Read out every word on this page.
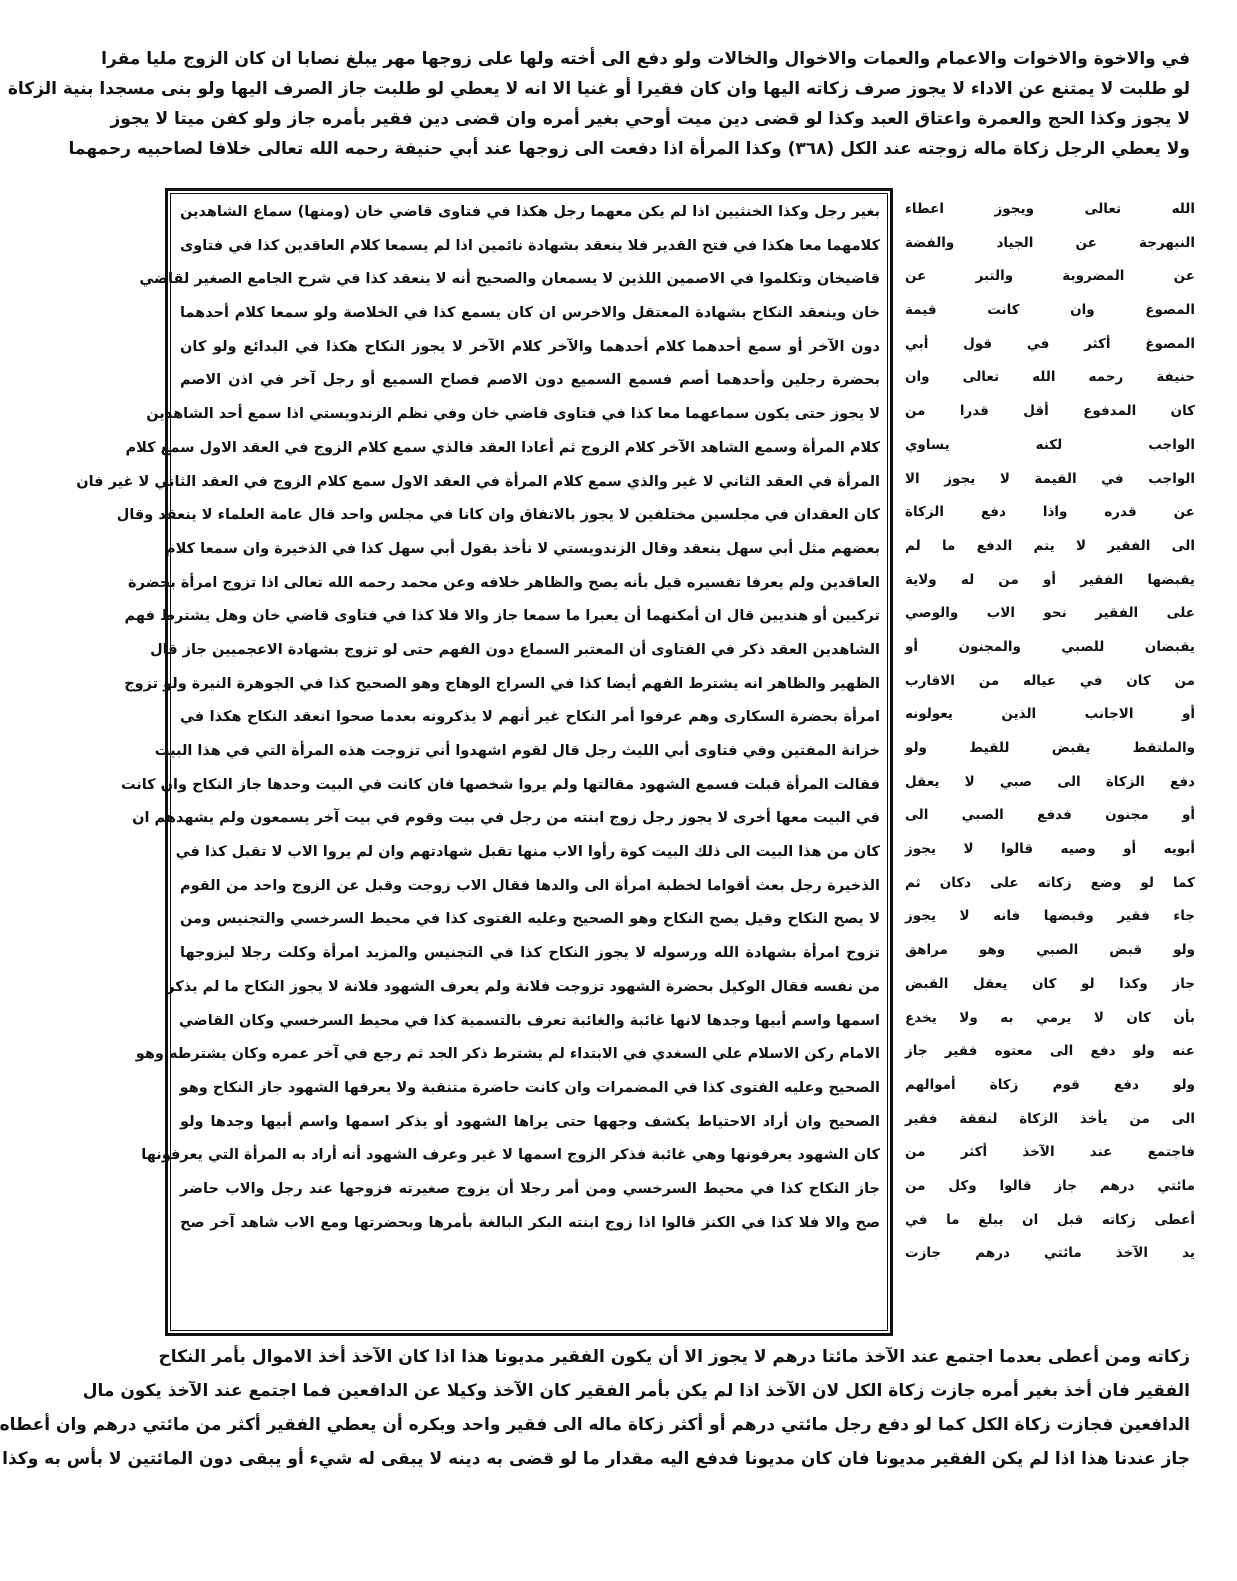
في والاخوة والاخوات والاعمام والعمات والاخوال والخالات ولو دفع الى أخته ولها على زوجها مهر يبلغ نصابا ان كان الزوج مليا مقرا
لو طلبت لا يمتنع عن الاداء لا يجوز صرف زكاته اليها وان كان فقيرا أو غنيا الا انه لا يعطي لو طلبت جاز الصرف اليها ولو بنى مسجدا بنية الزكاة
لا يجوز وكذا الحج والعمرة واعتاق العبد وكذا لو قضى دين ميت أوحي بغير أمره وان قضى دين فقير بأمره جاز ولو كفن ميتا لا يجوز
ولا يعطي الرجل زكاة ماله زوجته عند الكل (٣٦٨) وكذا المرأة اذا دفعت الى زوجها عند أبي حنيفة رحمه الله تعالى خلافا لصاحبيه رحمهما
الله تعالى ويجوز اعطاء
النبهرجة عن الجياد والفضة
عن المضروبة والتبر عن
المصوغ وان كانت قيمة
المصوغ أكثر في قول أبي
حنيفة رحمه الله تعالى وان
كان المدفوع أقل قدرا من
الواجب لكنه يساوي
الواجب في القيمة لا يجوز الا
عن قدره واذا دفع الزكاة
الى الفقير لا يتم الدفع ما لم
يقبضها الفقير أو من له ولاية
على الفقير نحو الاب والوصي
يقبضان للصبي والمجنون أو
من كان في عياله من الاقارب
أو الاجانب الذين يعولونه
والملتقط يقبض للقيط ولو
دفع الزكاة الى صبي لا يعقل
أو مجنون فدفع الصبي الى
أبويه أو وصيه قالوا لا يجوز
كما لو وضع زكاته على دكان ثم
جاء فقير وقبضها فانه لا يجوز
ولو قبض الصبي وهو مراهق
جاز وكذا لو كان يعقل القبض
بأن كان لا يرمي به ولا يخدع
عنه ولو دفع الى معتوه فقير جاز
ولو دفع قوم زكاة أموالهم
الى من يأخذ الزكاة لنفقة فقير
فاجتمع عند الآخذ أكثر من
مائتي درهم جاز قالوا وكل من
أعطى زكاته قبل ان يبلغ ما في
يد الآخذ مائتي درهم جازت
بغير رجل وكذا الخنثيين اذا لم يكن معهما رجل هكذا في فتاوى قاضي خان (ومنها) سماع الشاهدين
كلامهما معا هكذا في فتح القدير فلا ينعقد بشهادة نائمين اذا لم يسمعا كلام العاقدين كذا في فتاوى
قاضيخان وتكلموا في الاصمين اللذين لا يسمعان والصحيح أنه لا ينعقد كذا في شرح الجامع الصغير لقاضي
خان وينعقد النكاح بشهادة المعتقل والاخرس ان كان يسمع كذا في الخلاصة ولو سمعا كلام أحدهما
دون الآخر أو سمع أحدهما كلام أحدهما والآخر كلام الآخر لا يجوز النكاح هكذا في البدائع ولو كان
بحضرة رجلين وأحدهما أصم فسمع السميع دون الاصم فصاح السميع أو رجل آخر في اذن الاصم
لا يجوز حتى يكون سماعهما معا كذا في فتاوى قاضي خان وفي نظم الزندويستي اذا سمع أحد الشاهدين
كلام المرأة وسمع الشاهد الآخر كلام الزوج ثم أعادا العقد فالذي سمع كلام الزوج في العقد الاول سمع كلام
المرأة في العقد الثاني لا غير والذي سمع كلام المرأة في العقد الاول سمع كلام الزوج في العقد الثاني لا غير فان
كان العقدان في مجلسين مختلفين لا يجوز بالاتفاق وان كانا في مجلس واحد قال عامة العلماء لا ينعقد وقال
بعضهم مثل أبي سهل ينعقد وقال الزندويستي لا نأخذ بقول أبي سهل كذا في الذخيرة وان سمعا كلام
العاقدين ولم يعرفا تفسيره قيل بأنه يصح والظاهر خلافه وعن محمد رحمه الله تعالى اذا تزوج امرأة بحضرة
تركيين أو هنديين قال ان أمكنهما أن يعبرا ما سمعا جاز والا فلا كذا في فتاوى قاضي خان وهل يشترط فهم
الشاهدين العقد ذكر في الفتاوى أن المعتبر السماع دون الفهم حتى لو تزوج بشهادة الاعجميين جاز قال
الظهير والظاهر انه يشترط الفهم أيضا كذا في السراج الوهاج وهو الصحيح كذا في الجوهرة النيرة ولو تزوج
امرأة بحضرة السكارى وهم عرفوا أمر النكاح غير أنهم لا يذكرونه بعدما صحوا انعقد النكاح هكذا في
خزانة المفتين وفي فتاوى أبي الليث رجل قال لقوم اشهدوا أني تزوجت هذه المرأة التي في هذا البيت
فقالت المرأة قبلت فسمع الشهود مقالتها ولم يروا شخصها فان كانت في البيت وحدها جاز النكاح وان كانت
في البيت معها أخرى لا يجوز رجل زوج ابنته من رجل في بيت وقوم في بيت آخر يسمعون ولم يشهدهم ان
كان من هذا البيت الى ذلك البيت كوة رأوا الاب منها تقبل شهادتهم وان لم يروا الاب لا تقبل كذا في
الذخيرة رجل بعث أقواما لخطبة امرأة الى والدها فقال الاب زوجت وقبل عن الزوج واحد من القوم
لا يصح النكاح وقيل يصح النكاح وهو الصحيح وعليه الفتوى كذا في محيط السرخسي والتجنيس ومن
تزوج امرأة بشهادة الله ورسوله لا يجوز النكاح كذا في التجنيس والمزيد امرأة وكلت رجلا ليزوجها
من نفسه فقال الوكيل بحضرة الشهود تزوجت فلانة ولم يعرف الشهود فلانة لا يجوز النكاح ما لم يذكر
اسمها واسم أبيها وجدها لانها غائبة والغائبة تعرف بالتسمية كذا في محيط السرخسي وكان القاضي
الامام ركن الاسلام علي السغدي في الابتداء لم يشترط ذكر الجد ثم رجع في آخر عمره وكان يشترطه وهو
الصحيح وعليه الفتوى كذا في المضمرات وان كانت حاضرة متنقبة ولا يعرفها الشهود جاز النكاح وهو
الصحيح وان أراد الاحتياط يكشف وجهها حتى يراها الشهود أو يذكر اسمها واسم أبيها وجدها ولو
كان الشهود يعرفونها وهي غائبة فذكر الزوج اسمها لا غير وعرف الشهود أنه أراد به المرأة التي يعرفونها
جاز النكاح كذا في محيط السرخسي ومن أمر رجلا أن يزوج صغيرته فزوجها عند رجل والاب حاضر
صح والا فلا كذا في الكنز قالوا اذا زوج ابنته البكر البالغة بأمرها وبحضرتها ومع الاب شاهد آخر صح
زكاته ومن أعطى بعدما اجتمع عند الآخذ مائتا درهم لا يجوز الا أن يكون الفقير مديونا هذا اذا كان الآخذ أخذ الاموال بأمر النكاح
الفقير فان أخذ بغير أمره جازت زكاة الكل لان الآخذ اذا لم يكن بأمر الفقير كان الآخذ وكيلا عن الدافعين فما اجتمع عند الآخذ يكون مال
الدافعين فجازت زكاة الكل كما لو دفع رجل مائتي درهم أو أكثر زكاة ماله الى فقير واحد وبكره أن يعطي الفقير أكثر من مائتي درهم وان أعطاه
جاز عندنا هذا اذا لم يكن الفقير مديونا فان كان مديونا فدفع اليه مقدار ما لو قضى به دينه لا يبقى له شيء أو يبقى دون المائتين لا بأس به وكذا
